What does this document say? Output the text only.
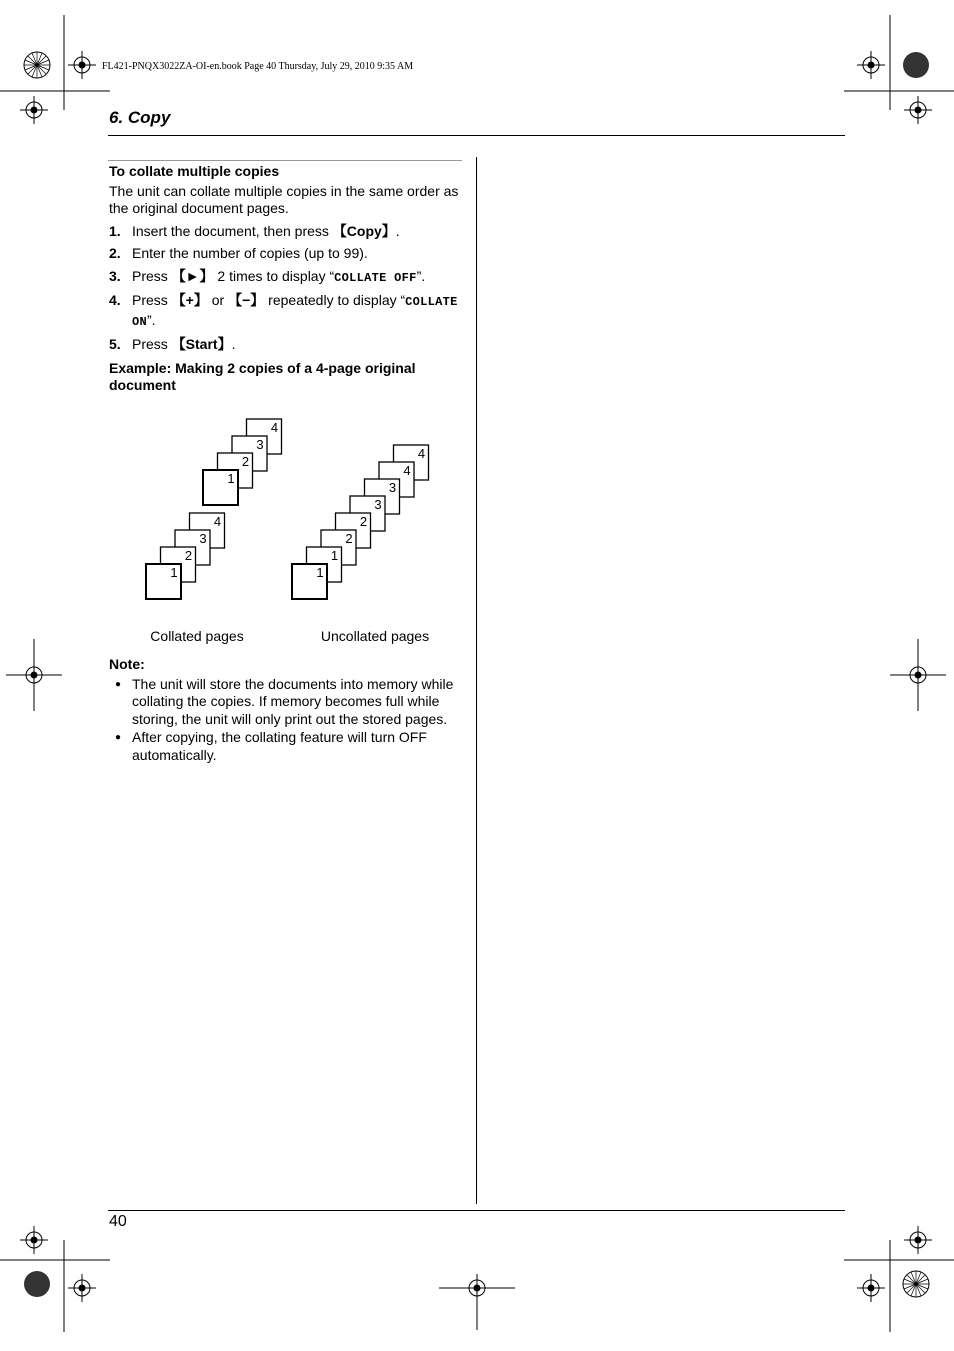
FL421-PNQX3022ZA-OI-en.book Page 40 Thursday, July 29, 2010 9:35 AM
6. Copy
To collate multiple copies

The unit can collate multiple copies in the same order as the original document pages.

1. Insert the document, then press 【Copy】.
2. Enter the number of copies (up to 99).
3. Press 【►】 2 times to display “COLLATE OFF”.
4. Press 【+】 or 【−】 repeatedly to display “COLLATE ON”.
5. Press 【Start】.
Example: Making 2 copies of a 4-page original document
4
3
2
1
4
3
2
1
4
4
3
3
2
2
1
1
Collated pages	Uncollated pages
Note:
● The unit will store the documents into memory while collating the copies. If memory becomes full while storing, the unit will only print out the stored pages.
● After copying, the collating feature will turn OFF automatically.
40
